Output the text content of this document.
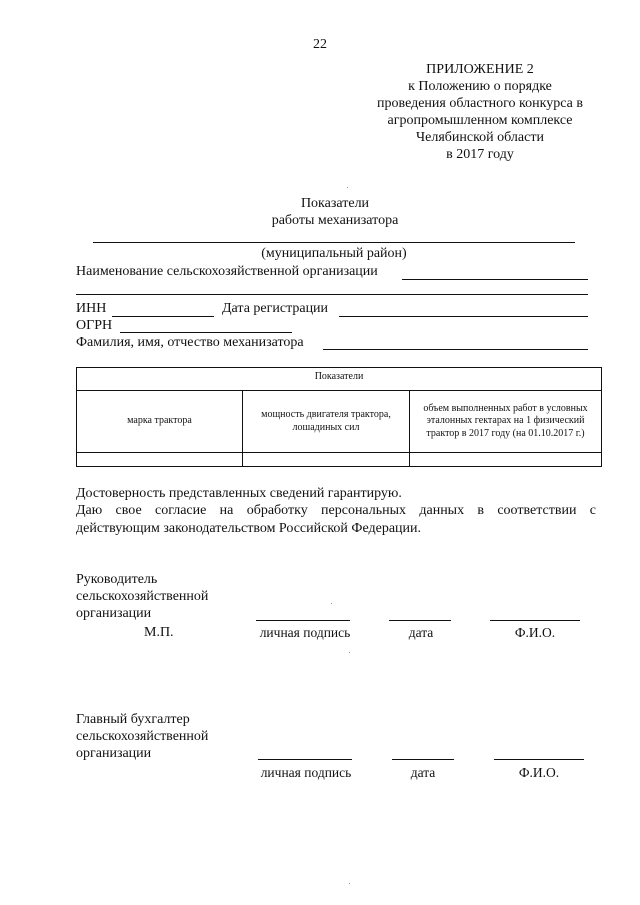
22
ПРИЛОЖЕНИЕ 2
к Положению о порядке
проведения областного конкурса в
агропромышленном комплексе
Челябинской области
в 2017 году
Показатели
работы механизатора
(муниципальный район)
Наименование сельскохозяйственной организации
ИНН	Дата регистрации
ОГРН
Фамилия, имя, отчество механизатора
Показатели		
марка трактора	мощность двигателя трактора, лошадиных сил	объем выполненных работ в условных эталонных гектарах на 1 физический трактор в 2017 году (на 01.10.2017 г.)

Достоверность представленных сведений гарантирую.
Даю свое согласие на обработку персональных данных в соответствии с
действующим законодательством Российской Федерации.
Руководитель
сельскохозяйственной
организации
М.П.	личная подпись	дата	Ф.И.О.
Главный бухгалтер
сельскохозяйственной
организации
личная подпись	дата	Ф.И.О.
